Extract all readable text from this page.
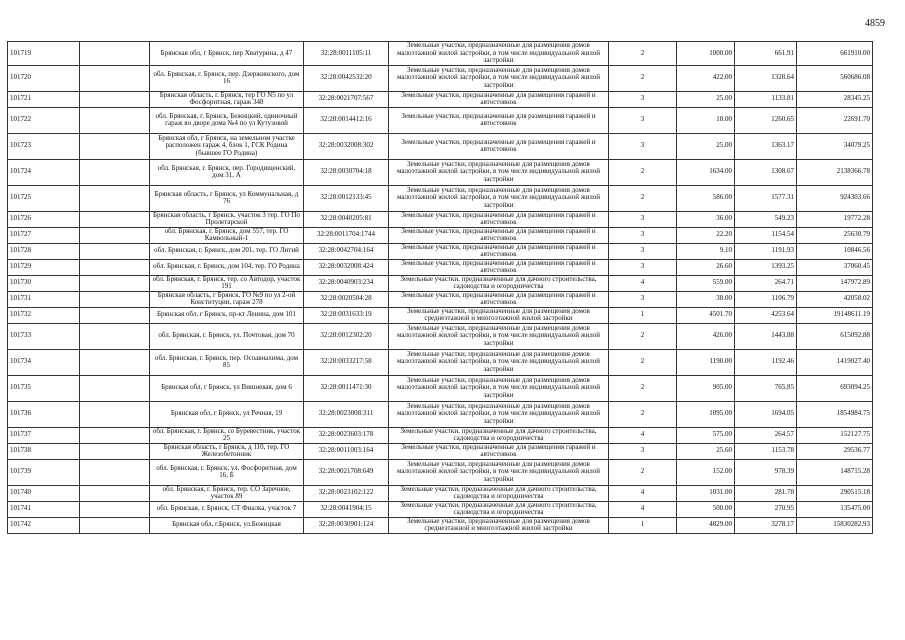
4859
101719		Брянская обл, г Брянск, пер Хватурина, д 47	32:28:0011105:11	Земельные участки, предназначенные для размещения домов малоэтажной жилой застройки, в том числе индивидуальной жилой застройки	2	1000.00	661.91	661910.00
101720		обл. Брянская, г. Брянск, пер. Дзержинского, дом 16	32:28:0042532:20	Земельные участки, предназначенные для размещения домов малоэтажной жилой застройки, в том числе индивидуальной жилой застройки	2	422.00	1328.64	560686.08
101721		Брянская область, г. Брянск, тер ГО N5 по ул Фосфоритная, гараж 348	32:28:0021707:567	Земельные участки, предназначенные для размещения гаражей и автостоянок	3	25.00	1133.81	28345.25
101722		обл. Брянская, г. Брянск, Бежицкий, одиночный гараж во дворе дома №4 по ул Кутузовой	32:28:0014412:16	Земельные участки, предназначенные для размещения гаражей и автостоянок	3	18.00	1260.65	22691.70
101723		Брянская обл, г Брянск, на земельном участке расположен гараж 4, блок 1, ГСК Родина (бывшее ГО Родина)	32:28:0032008:302	Земельные участки, предназначенные для размещения гаражей и автостоянок	3	25.00	1363.17	34079.25
101724		обл. Брянская, г. Брянск, пер. Городищенский, дом 31, А	32:28:0030704:18	Земельные участки, предназначенные для размещения домов малоэтажной жилой застройки, в том числе индивидуальной жилой застройки	2	1634.00	1308.67	2138366.78
101725		Брянская область, г Брянск, ул Коммунальная, д 76	32:28:0012133:45	Земельные участки, предназначенные для размещения домов малоэтажной жилой застройки, в том числе индивидуальной жилой застройки	2	586.00	1577.31	924303.66
101726		Брянская область, г Брянск, участок 3 тер. ГО По Пролетарской	32:28:0040205:81	Земельные участки, предназначенные для размещения гаражей и автостоянок	3	36.00	549.23	19772.28
101727		обл. Брянская, г. Брянск, дом 557, тер. ГО Камвольный-1	32:28:0011704:1744	Земельные участки, предназначенные для размещения гаражей и автостоянок	3	22.20	1154.54	25630.79
101728		обл. Брянская, г. Брянск, дом 201, тер. ГО Литий	32:28:0042704:164	Земельные участки, предназначенные для размещения гаражей и автостоянок	3	9.10	1191.93	10846.56
101729		обл. Брянская, г. Брянск, дом 104, тер. ГО Родина	32:28:0032008:424	Земельные участки, предназначенные для размещения гаражей и автостоянок	3	26.60	1393.25	37060.45
101730		обл. Брянская, г. Брянск, тер. со Автодор, участок 191	32:28:0040903:234	Земельные участки, предназначенные для дачного строительства, садоводства и огородничества	4	559.00	264.71	147972.89
101731		Брянская область, г Брянск, ГО №9 по ул 2-ой Конституции, гараж 278	32:28:0020504:28	Земельные участки, предназначенные для размещения гаражей и автостоянок	3	38.00	1106.79	42058.02
101732		Брянская обл, г Брянск, пр-кт Ленина, дом 101	32:28:0031633:19	Земельные участки, предназначенные для размещения домов среднеэтажной и многоэтажной жилой застройки	1	4501.70	4253.64	19148611.19
101733		обл. Брянская, г. Брянск, ул. Почтовая, дом 70	32:28:0012302:20	Земельные участки, предназначенные для размещения домов малоэтажной жилой застройки, в том числе индивидуальной жилой застройки	2	426.00	1443.88	615092.88
101734		обл. Брянская, г. Брянск, пер. Осоавиахима, дом 85	32:28:0033217:58	Земельные участки, предназначенные для размещения домов малоэтажной жилой застройки, в том числе индивидуальной жилой застройки	2	1190.00	1192.46	1419027.40
101735		Брянская обл, г Брянск, ул Вишневая, дом 6	32:28:0011471:30	Земельные участки, предназначенные для размещения домов малоэтажной жилой застройки, в том числе индивидуальной жилой застройки	2	905.00	765.85	693094.25
101736		Брянская обл, г Брянск, ул Речная, 19	32:28:0023008:311	Земельные участки, предназначенные для размещения домов малоэтажной жилой застройки, в том числе индивидуальной жилой застройки	2	1095.00	1694.05	1854984.75
101737		обл. Брянская, г. Брянск, со Буревестник, участок 25	32:28:0023603:178	Земельные участки, предназначенные для дачного строительства, садоводства и огородничества	4	575.00	264.57	152127.75
101738		Брянская область, г Брянск, д 110, тер. ГО Железобетонник	32:28:0011003:164	Земельные участки, предназначенные для размещения гаражей и автостоянок	3	25.60	1153.78	29536.77
101739		обл. Брянская, г. Брянск, ул. Фосфоритная, дом 16, Б	32:28:0021708:649	Земельные участки, предназначенные для размещения домов малоэтажной жилой застройки, в том числе индивидуальной жилой застройки	2	152.00	978.39	148715.28
101740		обл. Брянская, г. Брянск, тер. СО Заречное, участок 89	32:28:0023102:122	Земельные участки, предназначенные для дачного строительства, садоводства и огородничества	4	1031.00	281.78	290515.18
101741		обл. Брянская, г. Брянск, СТ Фиалка, участок 7	32:28:0041904:15	Земельные участки, предназначенные для дачного строительства, садоводства и огородничества	4	500.00	270.95	135475.00
101742		Брянская обл, г.Брянск, ул.Бежицкая	32:28:0030901:124	Земельные участки, предназначенные для размещения домов среднеэтажной и многоэтажной жилой застройки	1	4829.00	3278.17	15830282.93
